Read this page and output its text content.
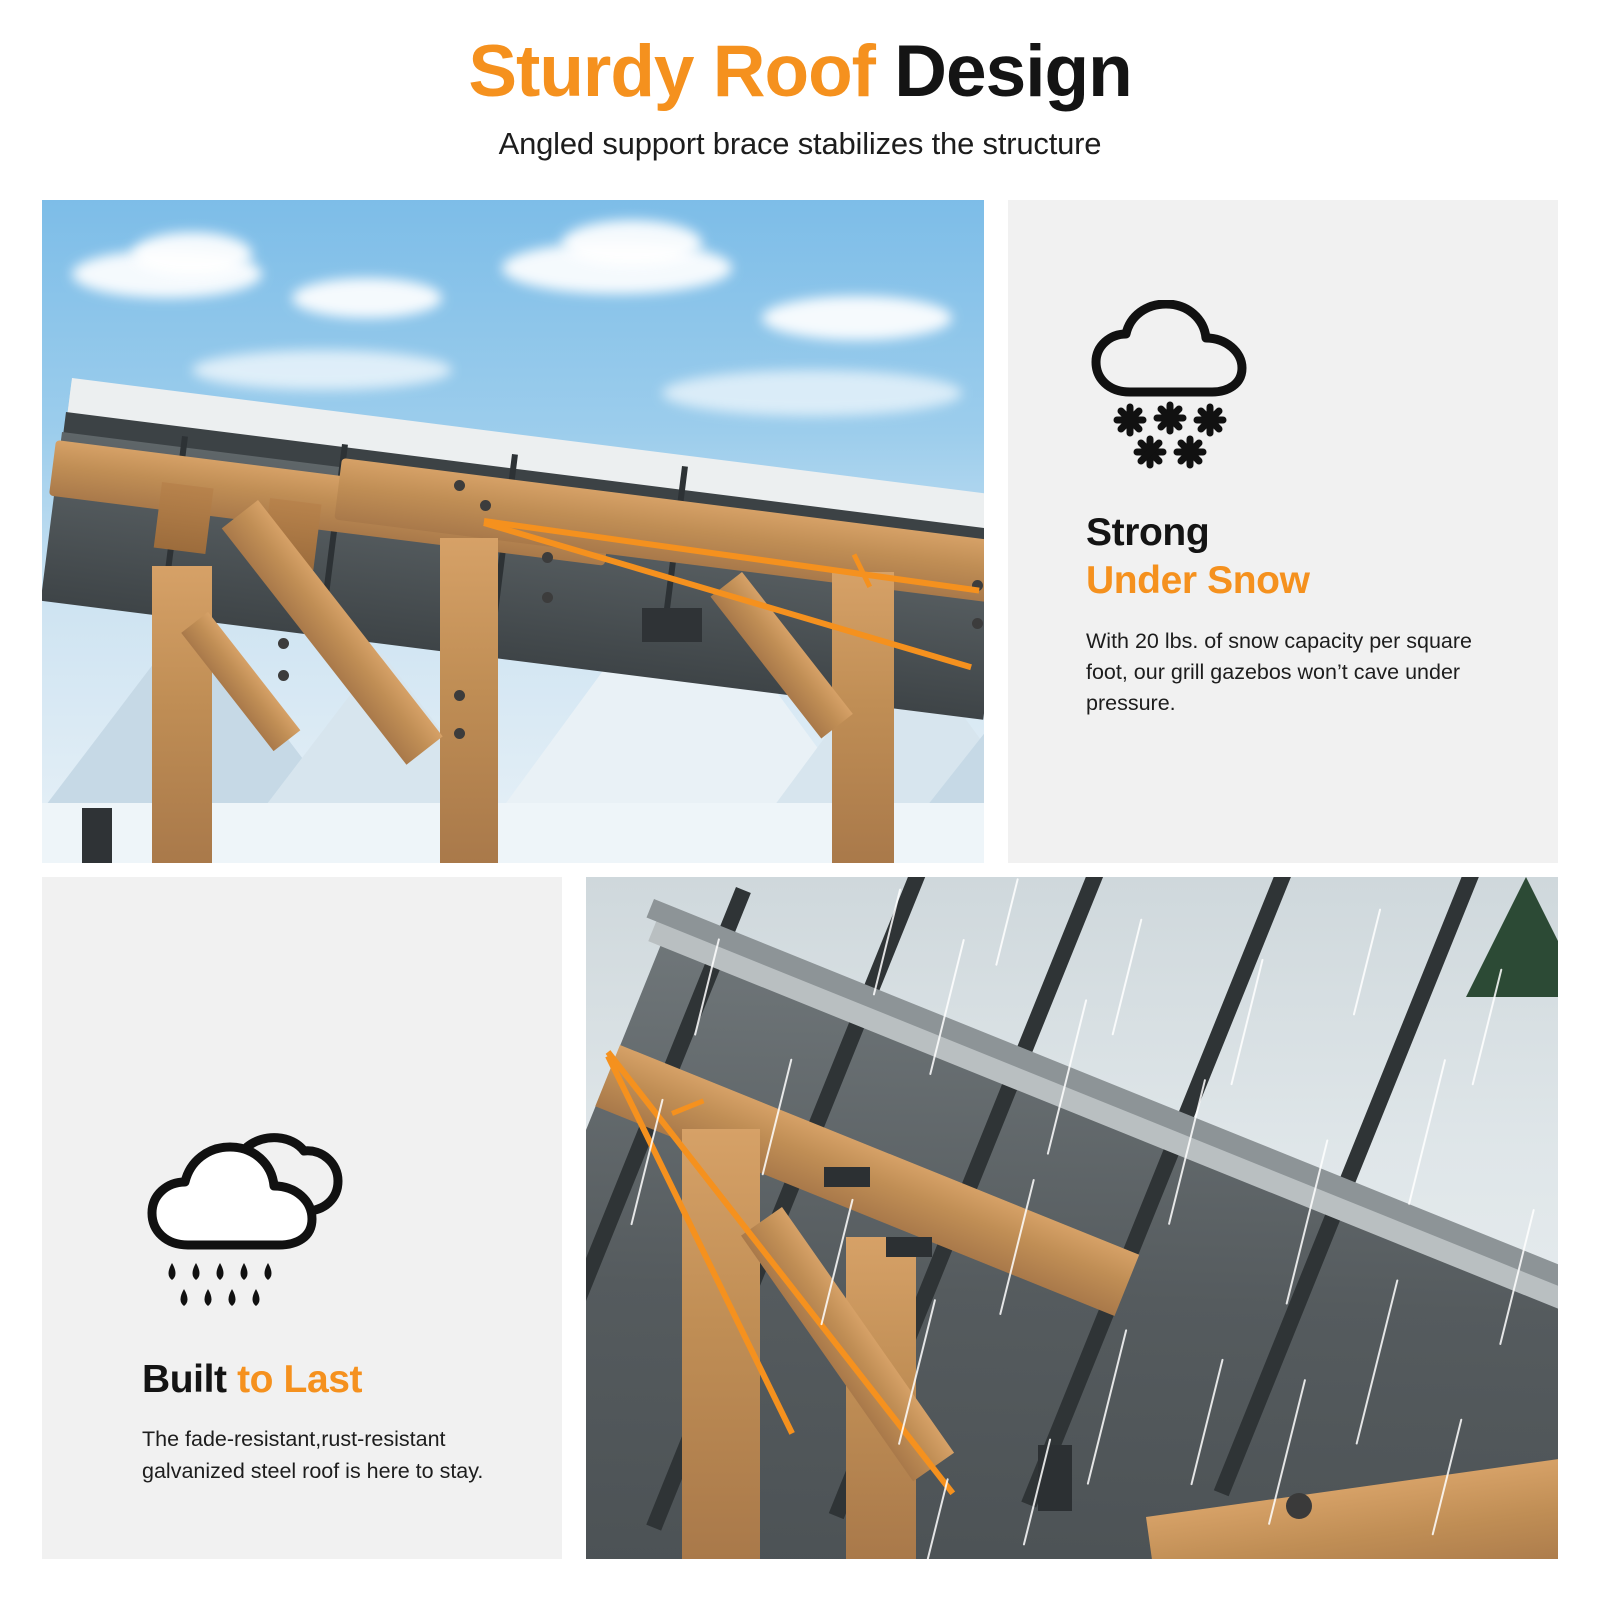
Sturdy Roof Design

Angled support brace stabilizes the structure

Strong
Under Snow

With 20 lbs. of snow capacity per square foot, our grill gazebos won’t cave under pressure.

Built to Last

The fade-resistant,rust-resistant galvanized steel roof is here to stay.
